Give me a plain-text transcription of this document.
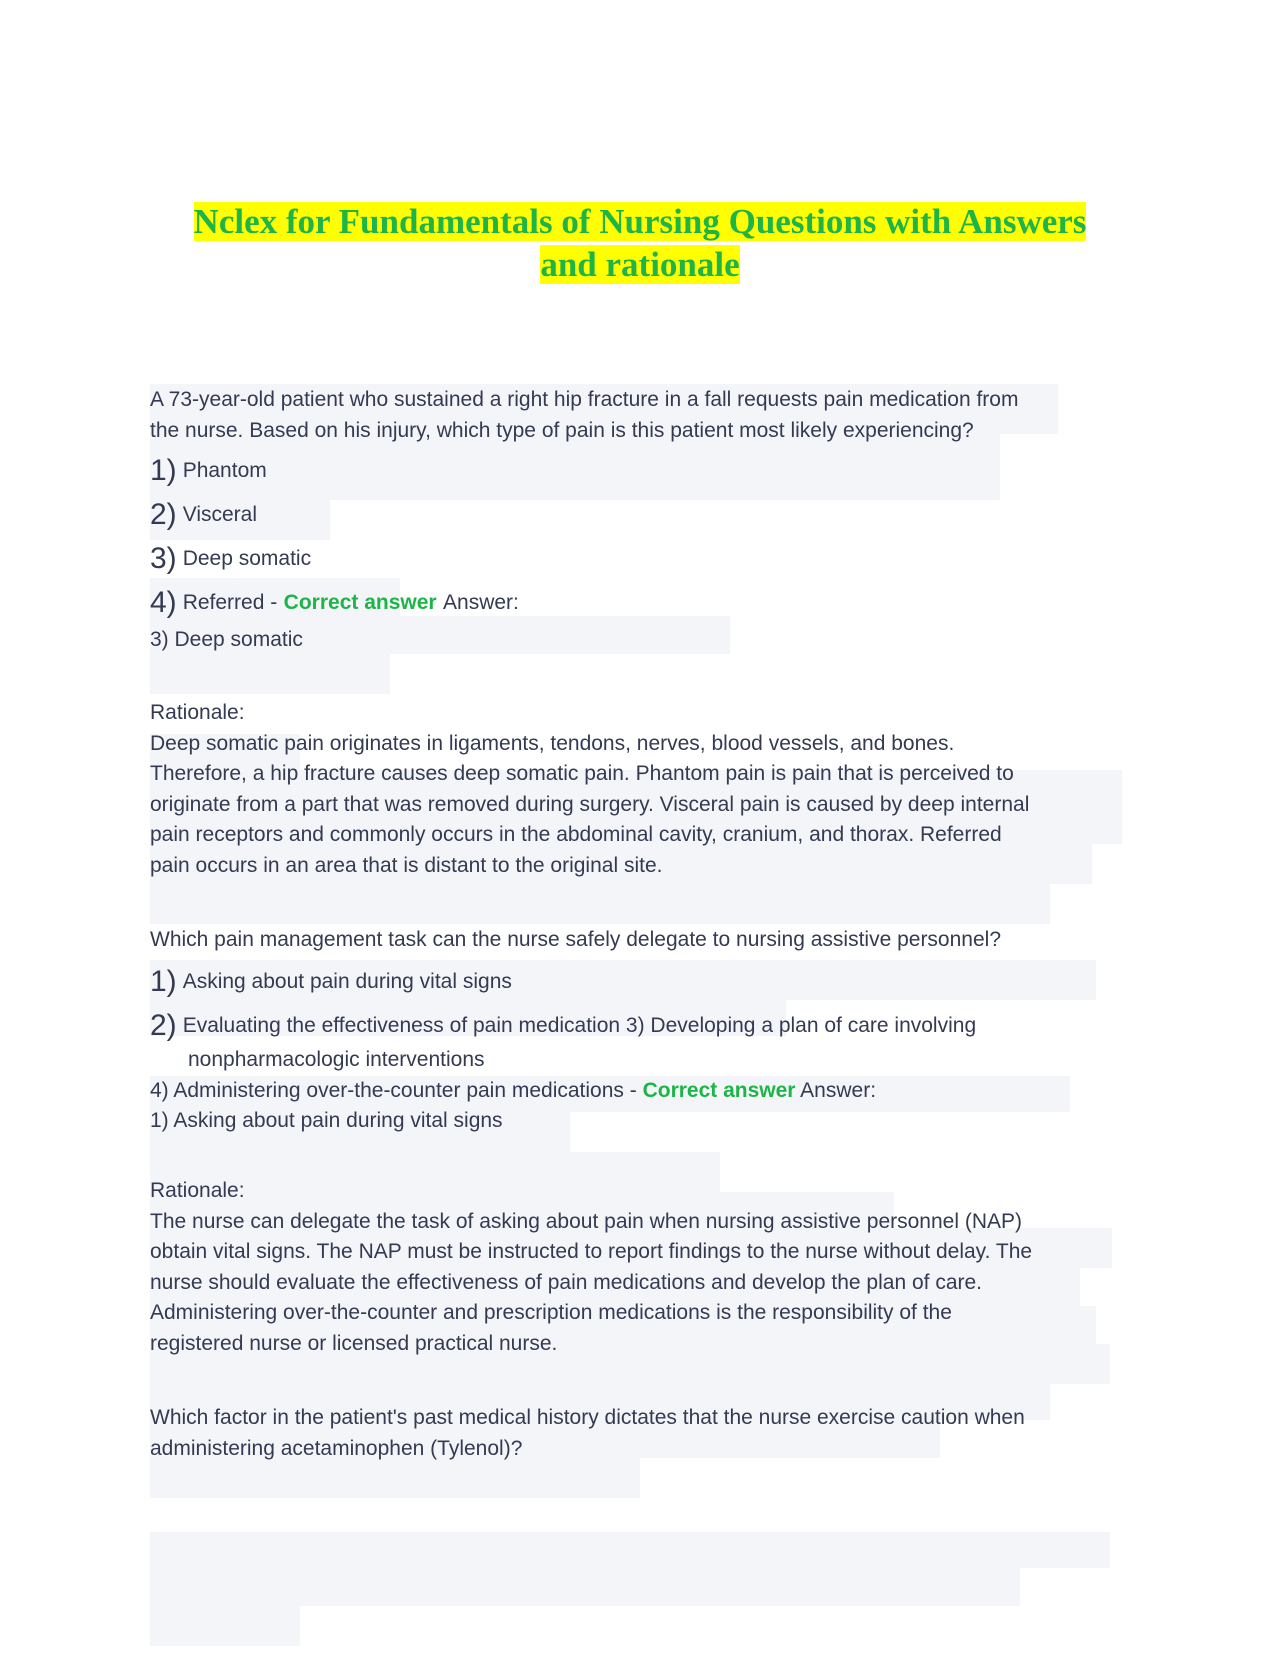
Nclex for Fundamentals of Nursing Questions with Answers
and rationale
A 73-year-old patient who sustained a right hip fracture in a fall requests pain medication from
the nurse. Based on his injury, which type of pain is this patient most likely experiencing?
1) Phantom
2) Visceral
3) Deep somatic
4) Referred - Correct answer Answer:
3) Deep somatic
Rationale:
Deep somatic pain originates in ligaments, tendons, nerves, blood vessels, and bones.
Therefore, a hip fracture causes deep somatic pain. Phantom pain is pain that is perceived to
originate from a part that was removed during surgery. Visceral pain is caused by deep internal
pain receptors and commonly occurs in the abdominal cavity, cranium, and thorax. Referred
pain occurs in an area that is distant to the original site.
Which pain management task can the nurse safely delegate to nursing assistive personnel?
1) Asking about pain during vital signs
2) Evaluating the effectiveness of pain medication 3) Developing a plan of care involving
nonpharmacologic interventions
4) Administering over-the-counter pain medications - Correct answer Answer:
1) Asking about pain during vital signs
Rationale:
The nurse can delegate the task of asking about pain when nursing assistive personnel (NAP)
obtain vital signs. The NAP must be instructed to report findings to the nurse without delay. The
nurse should evaluate the effectiveness of pain medications and develop the plan of care.
Administering over-the-counter and prescription medications is the responsibility of the
registered nurse or licensed practical nurse.
Which factor in the patient's past medical history dictates that the nurse exercise caution when
administering acetaminophen (Tylenol)?
